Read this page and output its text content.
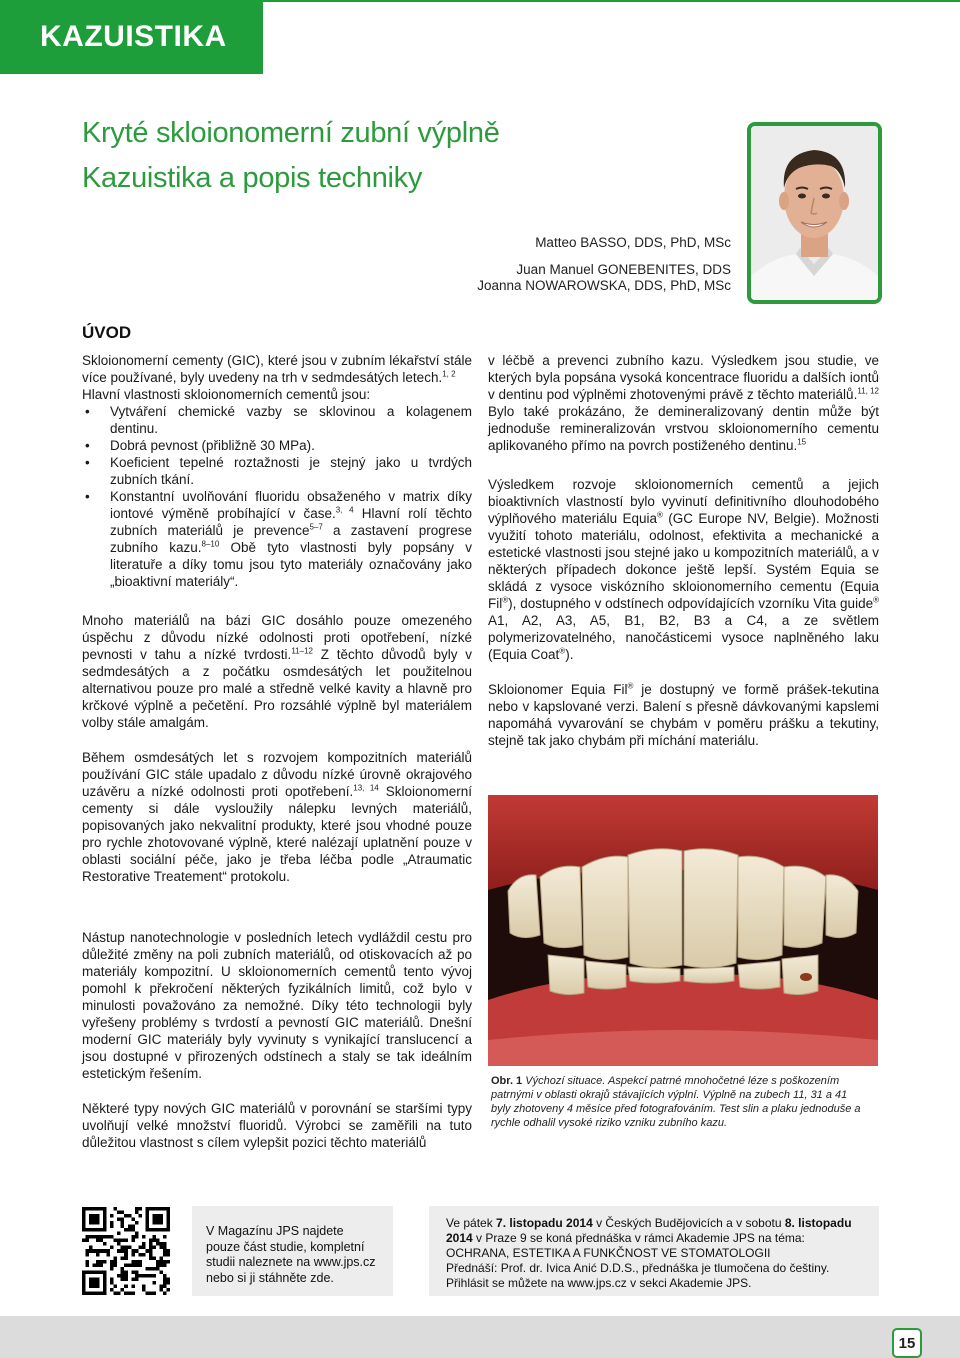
KAZUISTIKA
Kryté skloionomerní zubní výplně
Kazuistika a popis techniky
Matteo BASSO, DDS, PhD, MSc
Juan Manuel GONEBENITES, DDS
Joanna NOWAROWSKA, DDS, PhD, MSc
ÚVOD

Skloionomerní cementy (GIC), které jsou v zubním lékařství stále více používané, byly uvedeny na trh v sedmdesátých letech.$^{1, 2}$
Hlavní vlastnosti skloionomerních cementů jsou:

• Vytváření chemické vazby se sklovinou a kolagenem dentinu.
• Dobrá pevnost (přibližně 30 MPa).
• Koeficient tepelné roztažnosti je stejný jako u tvrdých zubních tkání.
• Konstantní uvolňování fluoridu obsaženého v matrix díky iontové výměně probíhající v čase.$^{3, 4}$ Hlavní rolí těchto zubních materiálů je prevence$^{5-7}$ a zastavení progrese zubního kazu.$^{8-10}$ Obě tyto vlastnosti byly popsány v literatuře a díky tomu jsou tyto materiály označovány jako „bioaktivní materiály“.

Mnoho materiálů na bázi GIC dosáhlo pouze omezeného úspěchu z důvodu nízké odolnosti proti opotřebení, nízké pevnosti v tahu a nízké tvrdosti.$^{11-12}$ Z těchto důvodů byly v sedmdesátých a z počátku osmdesátých let použitelnou alternativou pouze pro malé a středně velké kavity a hlavně pro krčkové výplně a pečetění. Pro rozsáhlé výplně byl materiálem volby stále amalgám.

Během osmdesátých let s rozvojem kompozitních materiálů používání GIC stále upadalo z důvodu nízké úrovně okrajového uzávěru a nízké odolnosti proti opotřebení.$^{13, 14}$ Skloionomerní cementy si dále vysloužily nálepku levných materiálů, popisovaných jako nekvalitní produkty, které jsou vhodné pouze pro rychle zhotovované výplně, které nalézají uplatnění pouze v oblasti sociální péče, jako je třeba léčba podle „Atraumatic Restorative Treatement“ protokolu.

Nástup nanotechnologie v posledních letech vydláždil cestu pro důležité změny na poli zubních materiálů, od otiskovacích až po materiály kompozitní. U skloionomerních cementů tento vývoj pomohl k překročení některých fyzikálních limitů, což bylo v minulosti považováno za nemožné. Díky této technologii byly vyřešeny problémy s tvrdostí a pevností GIC materiálů. Dnešní moderní GIC materiály byly vyvinuty s vynikající translucencí a jsou dostupné v přirozených odstínech a staly se tak ideálním estetickým řešením.

Některé typy nových GIC materiálů v porovnání se staršími typy uvolňují velké množství fluoridů. Výrobci se zaměřili na tuto důležitou vlastnost s cílem vylepšit pozici těchto materiálů

v léčbě a prevenci zubního kazu. Výsledkem jsou studie, ve kterých byla popsána vysoká koncentrace fluoridu a dalších iontů v dentinu pod výplněmi zhotovenými právě z těchto materiálů.$^{11, 12}$ Bylo také prokázáno, že demineralizovaný dentin může být jednoduše remineralizován vrstvou skloionomerního cementu aplikovaného přímo na povrch postiženého dentinu.$^{15}$

Výsledkem rozvoje skloionomerních cementů a jejich bioaktivních vlastností bylo vyvinutí definitivního dlouhodobého výplňového materiálu Equia® (GC Europe NV, Belgie). Možnosti využití tohoto materiálu, odolnost, efektivita a mechanické a estetické vlastnosti jsou stejné jako u kompozitních materiálů, a v některých případech dokonce ještě lepší. Systém Equia se skládá z vysoce viskózního skloionomerního cementu (Equia Fil®), dostupného v odstínech odpovídajících vzorníku Vita guide® A1, A2, A3, A5, B1, B2, B3 a C4, a ze světlem polymerizovatelného, nanočásticemi vysoce naplněného laku (Equia Coat®).

Skloionomer Equia Fil® je dostupný ve formě prášek-tekutina nebo v kapslované verzi. Balení s přesně dávkovanými kapslemi napomáhá vyvarování se chybám v poměru prášku a tekutiny, stejně tak jako chybám při míchání materiálu.

Obr. 1 Výchozí situace. Aspekcí patrné mnohočetné léze s poškozením patrnými v oblasti okrajů stávajících výplní. Výplně na zubech 11, 31 a 41 byly zhotoveny 4 měsíce před fotografováním. Test slin a plaku jednoduše a rychle odhalil vysoké riziko vzniku zubního kazu.
V Magazínu JPS najdete
pouze část studie, kompletní
studii naleznete na www.jps.cz
nebo si ji stáhněte zde.
Ve pátek 7. listopadu 2014 v Českých Budějovicích a v sobotu 8. listopadu
2014 v Praze 9 se koná přednáška v rámci Akademie JPS na téma:
OCHRANA, ESTETIKA A FUNKČNOST VE STOMATOLOGII
Přednáší: Prof. dr. Ivica Anić D.D.S., přednáška je tlumočena do češtiny.
Přihlásit se můžete na www.jps.cz v sekci Akademie JPS.
15
